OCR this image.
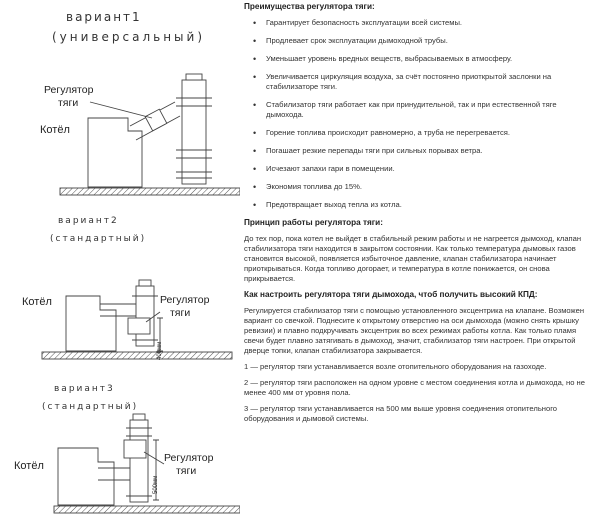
вариант1
(универсальный)
Регулятор
тяги
Котёл
вариант2
(стандартный)
Котёл	Регулятор
тяги
400мм
вариант3
(стандартный)
Котёл
Регулятор
тяги
500мм
Преимущества регулятора тяги:
• Гарантирует безопасность эксплуатации всей системы.
• Продлевает срок эксплуатации дымоходной трубы.
• Уменьшает уровень вредных веществ, выбрасываемых в атмосферу.
• Увеличивается циркуляция воздуха, за счёт постоянно приоткрытой заслонки на стабилизаторе тяги.
• Стабилизатор тяги работает как при принудительной, так и при естественной тяге дымохода.
• Горение топлива происходит равномерно, а труба не перегревается.
• Погашает резкие перепады тяги при сильных порывах ветра.
• Исчезают запахи гари в помещении.
• Экономия топлива до 15%.
• Предотвращает выход тепла из котла.
Принцип работы регулятора тяги:

До тех пор, пока котел не выйдет в стабильный режим работы и не нагреется дымоход, клапан стабилизатора тяги находится в закрытом состоянии. Как только температура дымовых газов становится высокой, появляется избыточное давление, клапан стабилизатора начинает приоткрываться. Когда топливо догорает, и температура в котле понижается, он снова прикрывается.

Как настроить регулятора тяги дымохода, чтоб получить высокий КПД:

Регулируется стабилизатор тяги с помощью установленного эксцентрика на клапане. Возможен вариант со свечкой. Поднесите к открытому отверстию на оси дымохода (можно снять крышку ревизии) и плавно подкручивать эксцентрик во всех режимах работы котла. Как только пламя свечи будет плавно затягивать в дымоход, значит, стабилизатор тяги настроен. При открытой дверце топки, клапан стабилизатора закрывается.

1 — регулятор тяги устанавливается возле отопительного оборудования на газоходе.

2 — регулятор тяги расположен на одном уровне с местом соединения котла и дымохода, но не менее 400 мм от уровня пола.

3 — регулятор тяги устанавливается на 500 мм выше уровня соединения отопительного оборудования и дымовой системы.
